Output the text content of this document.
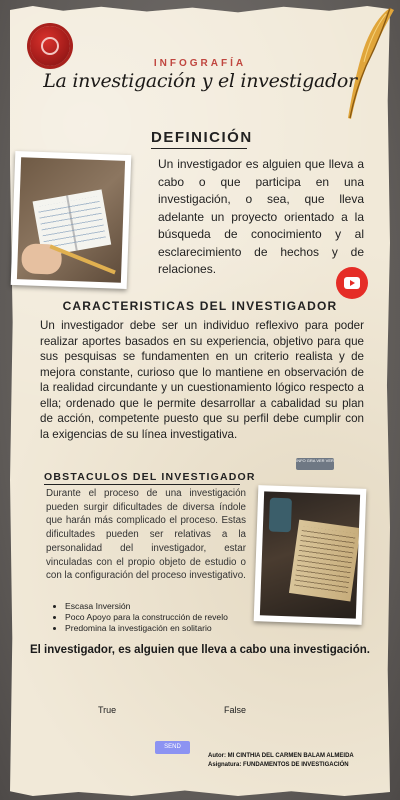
INFOGRAFÍA
La investigación y el investigador
DEFINICIÓN
Un investigador es alguien que lleva a cabo o que participa en una investigación, o sea, que lleva adelante un proyecto orientado a la búsqueda de conocimiento y al esclarecimiento de hechos y de relaciones.
CARACTERISTICAS DEL INVESTIGADOR
Un investigador debe ser un individuo reflexivo para poder realizar aportes basados en su experiencia, objetivo para que sus pesquisas se fundamenten en un criterio realista y de mejora constante, curioso que lo mantiene en observación de la realidad circundante y un cuestionamiento lógico respecto a ella; ordenado que le permite desarrollar a cabalidad su plan de acción, competente puesto que su perfil debe cumplir con la exigencias de su línea investigativa.
INFO GRA VER VER
OBSTACULOS DEL INVESTIGADOR
Durante el proceso de una investigación pueden surgir dificultades de diversa índole que harán más complicado el proceso. Estas dificultades pueden ser relativas a la personalidad del investigador, estar vinculadas con el propio objeto de estudio o con la configuración del proceso investigativo.
• Escasa Inversión
• Poco Apoyo para la construcción de revelo
• Predomina la investigación en solitario
El investigador, es alguien que lleva a cabo una investigación.
True	False
SEND
Autor: MI CINTHIA DEL CARMEN BALAM ALMEIDA
Asignatura: FUNDAMENTOS DE INVESTIGACIÓN
